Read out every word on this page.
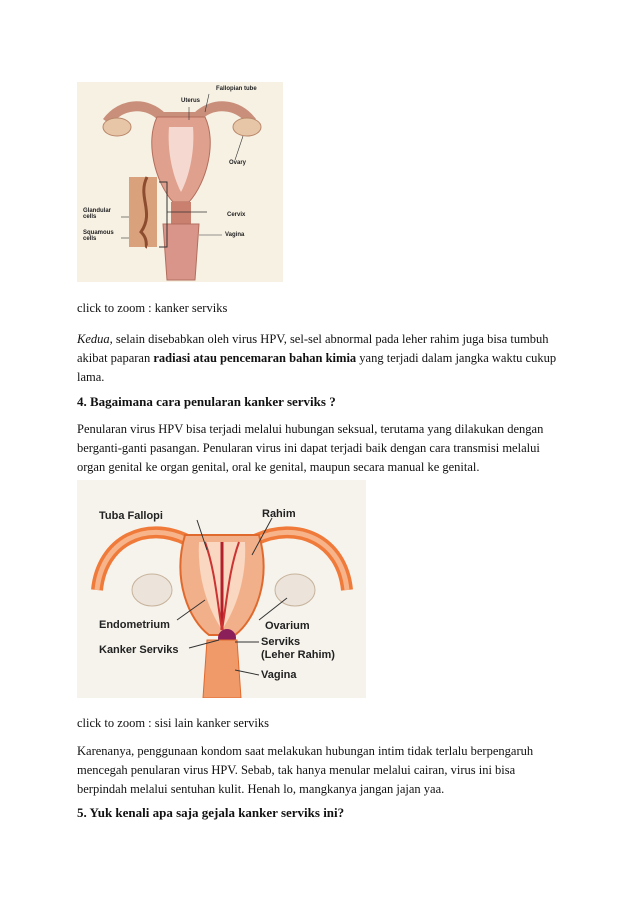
Fallopian tube
Uterus
Ovary
Glandular cells
Squamous cells
Cervix
Vagina
click to zoom : kanker serviks

Kedua, selain disebabkan oleh virus HPV, sel-sel abnormal pada leher rahim juga bisa tumbuh akibat paparan radiasi atau pencemaran bahan kimia yang terjadi dalam jangka waktu cukup lama.

4. Bagaimana cara penularan kanker serviks ?

Penularan virus HPV bisa terjadi melalui hubungan seksual, terutama yang dilakukan dengan berganti-ganti pasangan. Penularan virus ini dapat terjadi baik dengan cara transmisi melalui organ genital ke organ genital, oral ke genital, maupun secara manual ke genital.

Tuba Fallopi	Rahim
Endometrium	Ovarium
Kanker Serviks
Serviks
(Leher Rahim)
Vagina
click to zoom : sisi lain kanker serviks

Karenanya, penggunaan kondom saat melakukan hubungan intim tidak terlalu berpengaruh mencegah penularan virus HPV. Sebab, tak hanya menular melalui cairan, virus ini bisa berpindah melalui sentuhan kulit. Henah lo, mangkanya jangan jajan yaa.

5. Yuk kenali apa saja gejala kanker serviks ini?
